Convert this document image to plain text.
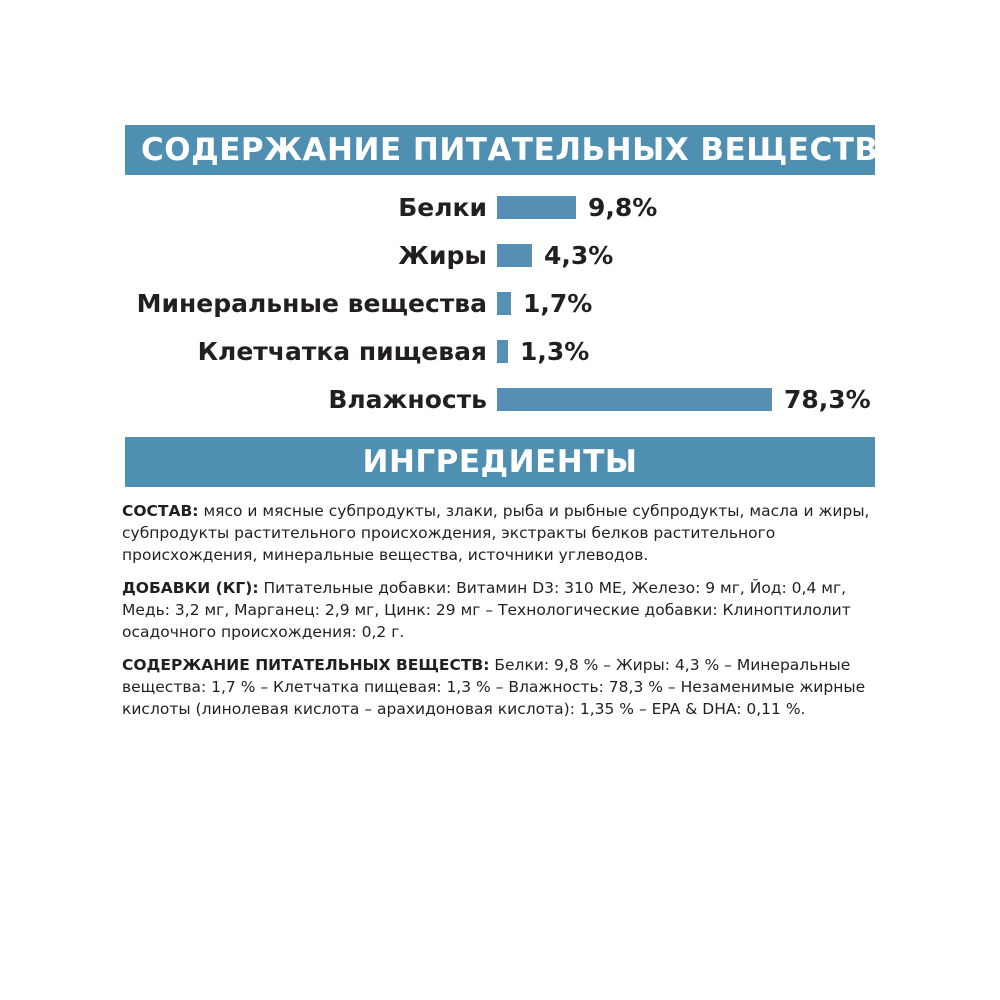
СОДЕРЖАНИЕ ПИТАТЕЛЬНЫХ ВЕЩЕСТВ
Белки	9,8%
Жиры	4,3%
Минеральные вещества	1,7%
Клетчатка пищевая	1,3%
Влажность	78,3%
ИНГРЕДИЕНТЫ

СОСТАВ: мясо и мясные субпродукты, злаки, рыба и рыбные субпродукты, масла и жиры, субпродукты растительного происхождения, экстракты белков растительного происхождения, минеральные вещества, источники углеводов.

ДОБАВКИ (КГ): Питательные добавки: Витамин D3: 310 МЕ, Железо: 9 мг, Йод: 0,4 мг, Медь: 3,2 мг, Марганец: 2,9 мг, Цинк: 29 мг – Технологические добавки: Клиноптилолит осадочного происхождения: 0,2 г.

СОДЕРЖАНИЕ ПИТАТЕЛЬНЫХ ВЕЩЕСТВ: Белки: 9,8 % – Жиры: 4,3 % – Минеральные вещества: 1,7 % – Клетчатка пищевая: 1,3 % – Влажность: 78,3 % – Незаменимые жирные кислоты (линолевая кислота – арахидоновая кислота): 1,35 % – EPA & DHA: 0,11 %.
